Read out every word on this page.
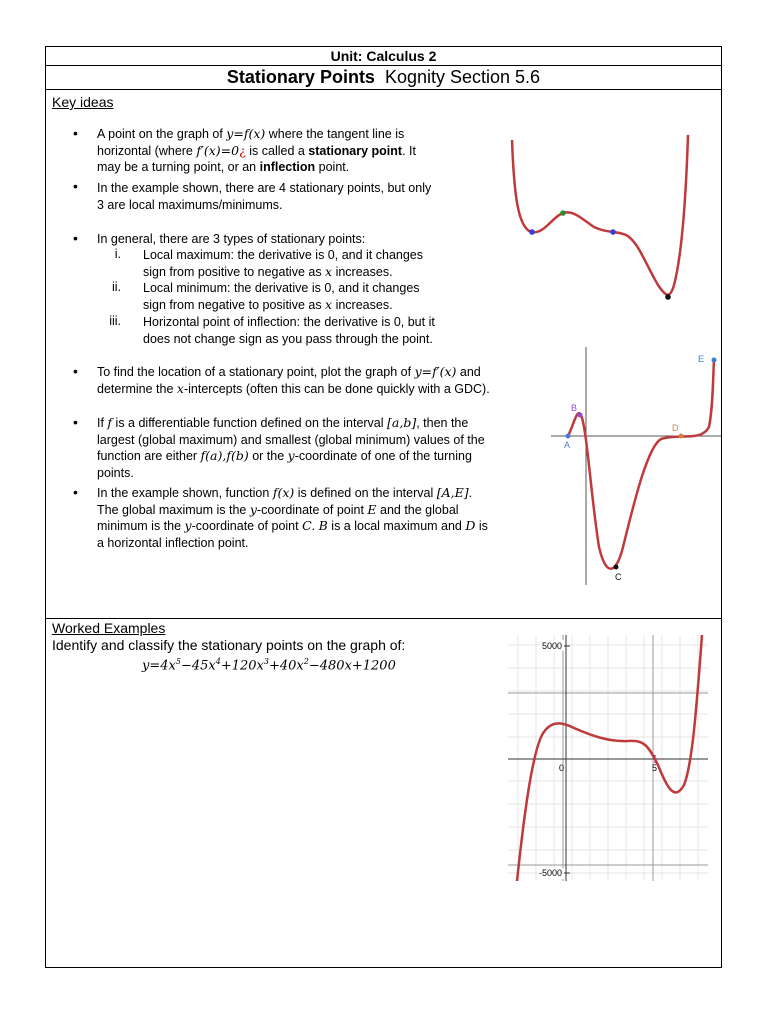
Unit: Calculus 2
Stationary Points Kognity Section 5.6
Key ideas
• A point on the graph of y=f(x) where the tangent line is
horizontal (where f′(x)=0¿ is called a stationary point. It
may be a turning point, or an inflection point.
• In the example shown, there are 4 stationary points, but only
3 are local maximums/minimums.
• In general, there are 3 types of stationary points:
i. Local maximum: the derivative is 0, and it changes
sign from positive to negative as x increases.
ii. Local minimum: the derivative is 0, and it changes
sign from negative to positive as x increases.
iii. Horizontal point of inflection: the derivative is 0, but it
does not change sign as you pass through the point.
• To find the location of a stationary point, plot the graph of y=f′(x) and
determine the x-intercepts (often this can be done quickly with a GDC).
• If f is a differentiable function defined on the interval [a,b], then the
largest (global maximum) and smallest (global minimum) values of the
function are either f(a),f(b) or the y-coordinate of one of the turning
points.
• In the example shown, function f(x) is defined on the interval [A,E].
The global maximum is the y-coordinate of point E and the global
minimum is the y-coordinate of point C. B is a local maximum and D is
a horizontal inflection point.
A
B
C
D
E
Worked Examples
Identify and classify the stationary points on the graph of:
$y=4x^5-45x^4+120x^3+40x^2-480x+1200$
5000
-5000
0	5
